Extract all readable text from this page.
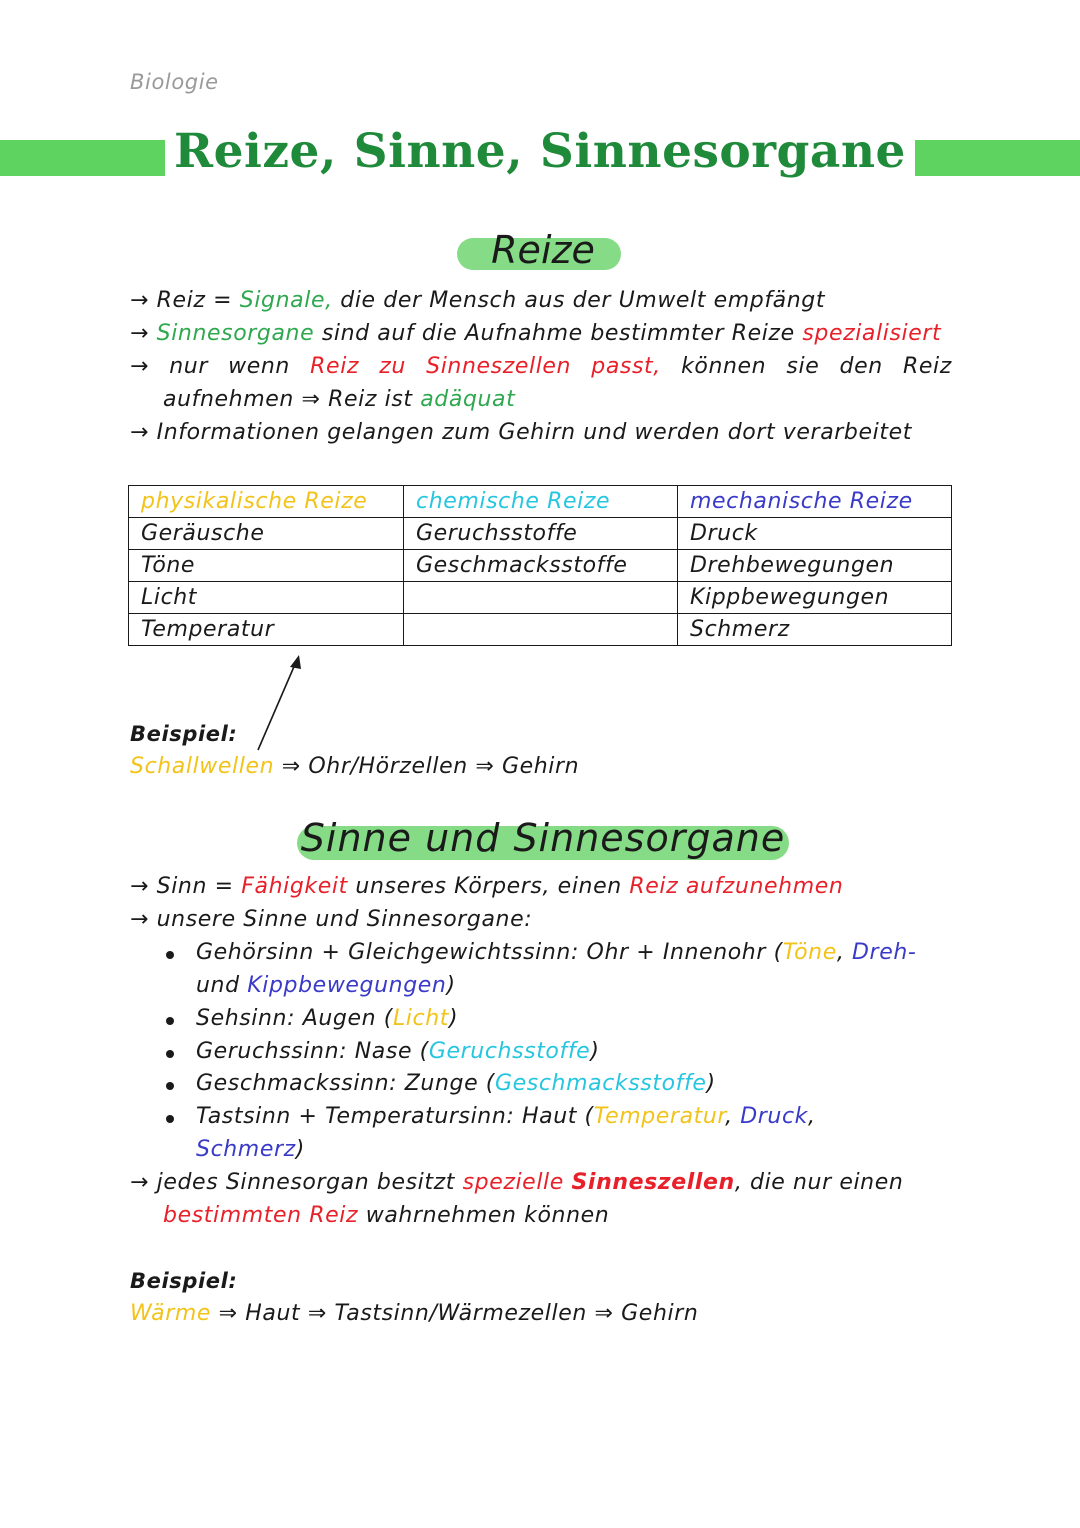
Biologie
Reize, Sinne, Sinnesorgane
Reize
→ Reiz = Signale, die der Mensch aus der Umwelt empfängt
→ Sinnesorgane sind auf die Aufnahme bestimmter Reize spezialisiert
→ nur wenn Reiz zu Sinneszellen passt, können sie den Reiz
aufnehmen ⇒ Reiz ist adäquat
→ Informationen gelangen zum Gehirn und werden dort verarbeitet
physikalische Reize	chemische Reize	mechanische Reize
Geräusche	Geruchsstoffe	Druck
Töne	Geschmacksstoffe	Drehbewegungen
Licht		Kippbewegungen
Temperatur		Schmerz
Beispiel:
Schallwellen ⇒ Ohr/Hörzellen ⇒ Gehirn
Sinne und Sinnesorgane
→ Sinn = Fähigkeit unseres Körpers, einen Reiz aufzunehmen
→ unsere Sinne und Sinnesorgane:
Gehörsinn + Gleichgewichtssinn: Ohr + Innenohr (Töne, Dreh-
und Kippbewegungen)
Sehsinn: Augen (Licht)
Geruchssinn: Nase (Geruchsstoffe)
Geschmackssinn: Zunge (Geschmacksstoffe)
Tastsinn + Temperatursinn: Haut (Temperatur, Druck,
Schmerz)
→ jedes Sinnesorgan besitzt spezielle Sinneszellen, die nur einen
bestimmten Reiz wahrnehmen können
Beispiel:
Wärme ⇒ Haut ⇒ Tastsinn/Wärmezellen ⇒ Gehirn
